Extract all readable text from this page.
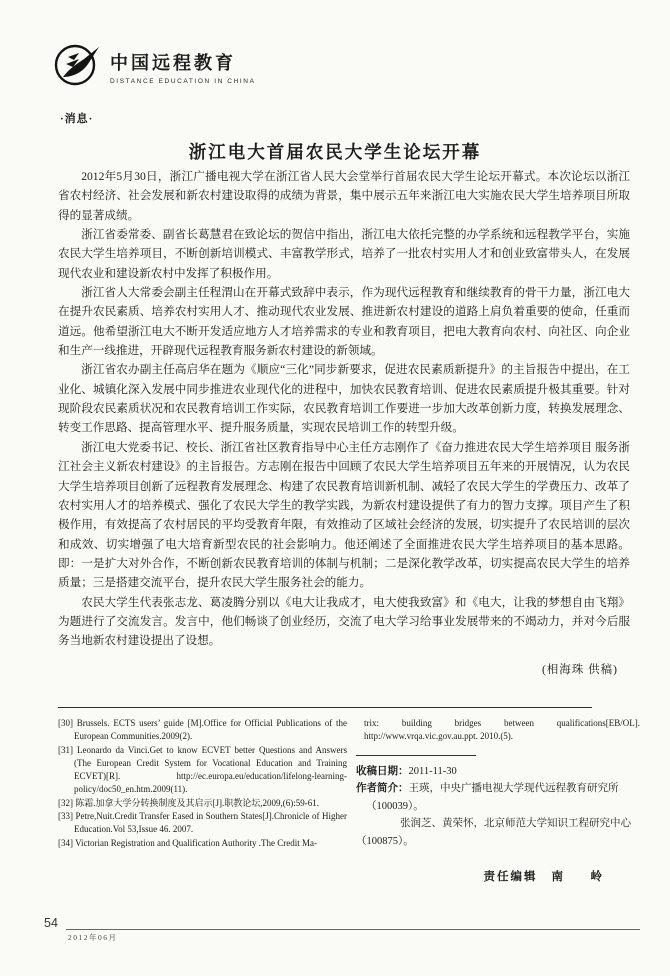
中国远程教育
DISTANCE EDUCATION IN CHINA
·消息·
浙江电大首届农民大学生论坛开幕

2012年5月30日，浙江广播电视大学在浙江省人民大会堂举行首届农民大学生论坛开幕式。本次论坛以浙江省农村经济、社会发展和新农村建设取得的成绩为背景，集中展示五年来浙江电大实施农民大学生培养项目所取得的显著成绩。

浙江省委常委、副省长葛慧君在致论坛的贺信中指出，浙江电大依托完整的办学系统和远程教学平台，实施农民大学生培养项目，不断创新培训模式、丰富教学形式，培养了一批农村实用人才和创业致富带头人，在发展现代农业和建设新农村中发挥了积极作用。

浙江省人大常委会副主任程渭山在开幕式致辞中表示，作为现代远程教育和继续教育的骨干力量，浙江电大在提升农民素质、培养农村实用人才、推动现代农业发展、推进新农村建设的道路上肩负着重要的使命，任重而道远。他希望浙江电大不断开发适应地方人才培养需求的专业和教育项目，把电大教育向农村、向社区、向企业和生产一线推进，开辟现代远程教育服务新农村建设的新领域。

浙江省农办副主任高启华在题为《顺应“三化”同步新要求，促进农民素质新提升》的主旨报告中提出，在工业化、城镇化深入发展中同步推进农业现代化的进程中，加快农民教育培训、促进农民素质提升极其重要。针对现阶段农民素质状况和农民教育培训工作实际，农民教育培训工作要进一步加大改革创新力度，转换发展理念、转变工作思路、提高管理水平、提升服务质量，实现农民培训工作的转型升级。

浙江电大党委书记、校长、浙江省社区教育指导中心主任方志刚作了《奋力推进农民大学生培养项目 服务浙江社会主义新农村建设》的主旨报告。方志刚在报告中回顾了农民大学生培养项目五年来的开展情况，认为农民大学生培养项目创新了远程教育发展理念、构建了农民教育培训新机制、减轻了农民大学生的学费压力、改革了农村实用人才的培养模式、强化了农民大学生的教学实践，为新农村建设提供了有力的智力支撑。项目产生了积极作用，有效提高了农村居民的平均受教育年限，有效推动了区域社会经济的发展，切实提升了农民培训的层次和成效、切实增强了电大培育新型农民的社会影响力。他还阐述了全面推进农民大学生培养项目的基本思路。即：一是扩大对外合作，不断创新农民教育培训的体制与机制；二是深化教学改革，切实提高农民大学生的培养质量；三是搭建交流平台，提升农民大学生服务社会的能力。

农民大学生代表张志龙、葛凌腾分别以《电大让我成才，电大使我致富》和《电大，让我的梦想自由飞翔》为题进行了交流发言。发言中，他们畅谈了创业经历，交流了电大学习给事业发展带来的不竭动力，并对今后服务当地新农村建设提出了设想。

(相海珠 供稿)

[30] Brussels. ECTS users’ guide [M].Office for Official Publications of the European Communities.2009(2).

[31] Leonardo da Vinci.Get to know ECVET better Questions and Answers (The European Credit System for Vocational Education and Training ECVET)[R]. http://ec.europa.eu/education/lifelong-learning-policy/doc50_en.htm.2009(11).

[32] 陈霜.加拿大学分转换制度及其启示[J].职教论坛,2009,(6):59-61.

[33] Petre,Nuit.Credit Transfer Eased in Southern States[J].Chronicle of Higher Education.Vol 53,Issue 46. 2007.

[34] Victorian Registration and Qualification Authority .The Credit Ma-

trix: building bridges between qualifications[EB/OL]. http://www.vrqa.vic.gov.au.ppt. 2010.(5).

收稿日期：2011-11-30
作者简介：王瑛，中央广播电视大学现代远程教育研究所
（100039）。
张润芝、黄荣怀，北京师范大学知识工程研究中心
（100875）。
责任编辑 南　岭
54
2012年06月
